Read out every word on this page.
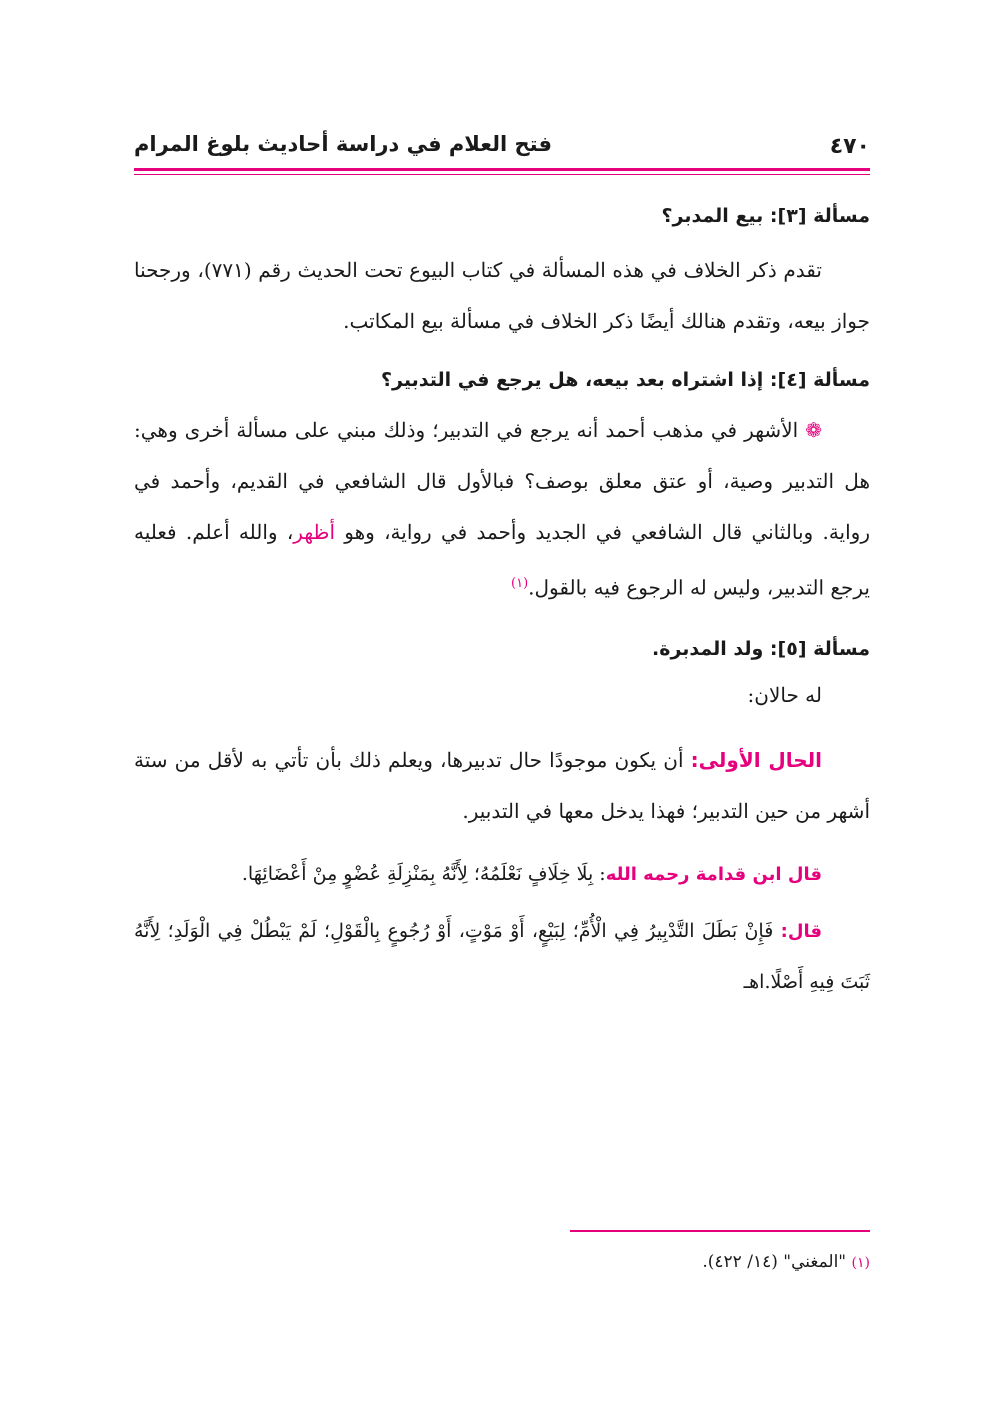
٤٧٠
فتح العلام في دراسة أحاديث بلوغ المرام

مسألة [٣]: بيع المدبر؟

تقدم ذكر الخلاف في هذه المسألة في كتاب البيوع تحت الحديث رقم (٧٧١)، ورجحنا جواز بيعه، وتقدم هنالك أيضًا ذكر الخلاف في مسألة بيع المكاتب.

مسألة [٤]: إذا اشتراه بعد بيعه، هل يرجع في التدبير؟

❁ الأشهر في مذهب أحمد أنه يرجع في التدبير؛ وذلك مبني على مسألة أخرى وهي: هل التدبير وصية، أو عتق معلق بوصف؟ فبالأول قال الشافعي في القديم، وأحمد في رواية. وبالثاني قال الشافعي في الجديد وأحمد في رواية، وهو أظهر، والله أعلم. فعليه يرجع التدبير، وليس له الرجوع فيه بالقول.$^{(١)}$

مسألة [٥]: ولد المدبرة.

له حالان:

الحال الأولى: أن يكون موجودًا حال تدبيرها، ويعلم ذلك بأن تأتي به لأقل من ستة أشهر من حين التدبير؛ فهذا يدخل معها في التدبير.

قال ابن قدامة رحمه الله: بِلَا خِلَافٍ نَعْلَمُهُ؛ لِأَنَّهُ بِمَنْزِلَةِ عُضْوٍ مِنْ أَعْضَائِهَا.

قال: فَإِنْ بَطَلَ التَّدْبِيرُ فِي الْأُمِّ؛ لِبَيْعٍ، أَوْ مَوْتٍ، أَوْ رُجُوعٍ بِالْقَوْلِ؛ لَمْ يَبْطُلْ فِي الْوَلَدِ؛ لِأَنَّهُ ثَبَتَ فِيهِ أَصْلًا.اهـ

(١) "المغني" (١٤/ ٤٢٢).
